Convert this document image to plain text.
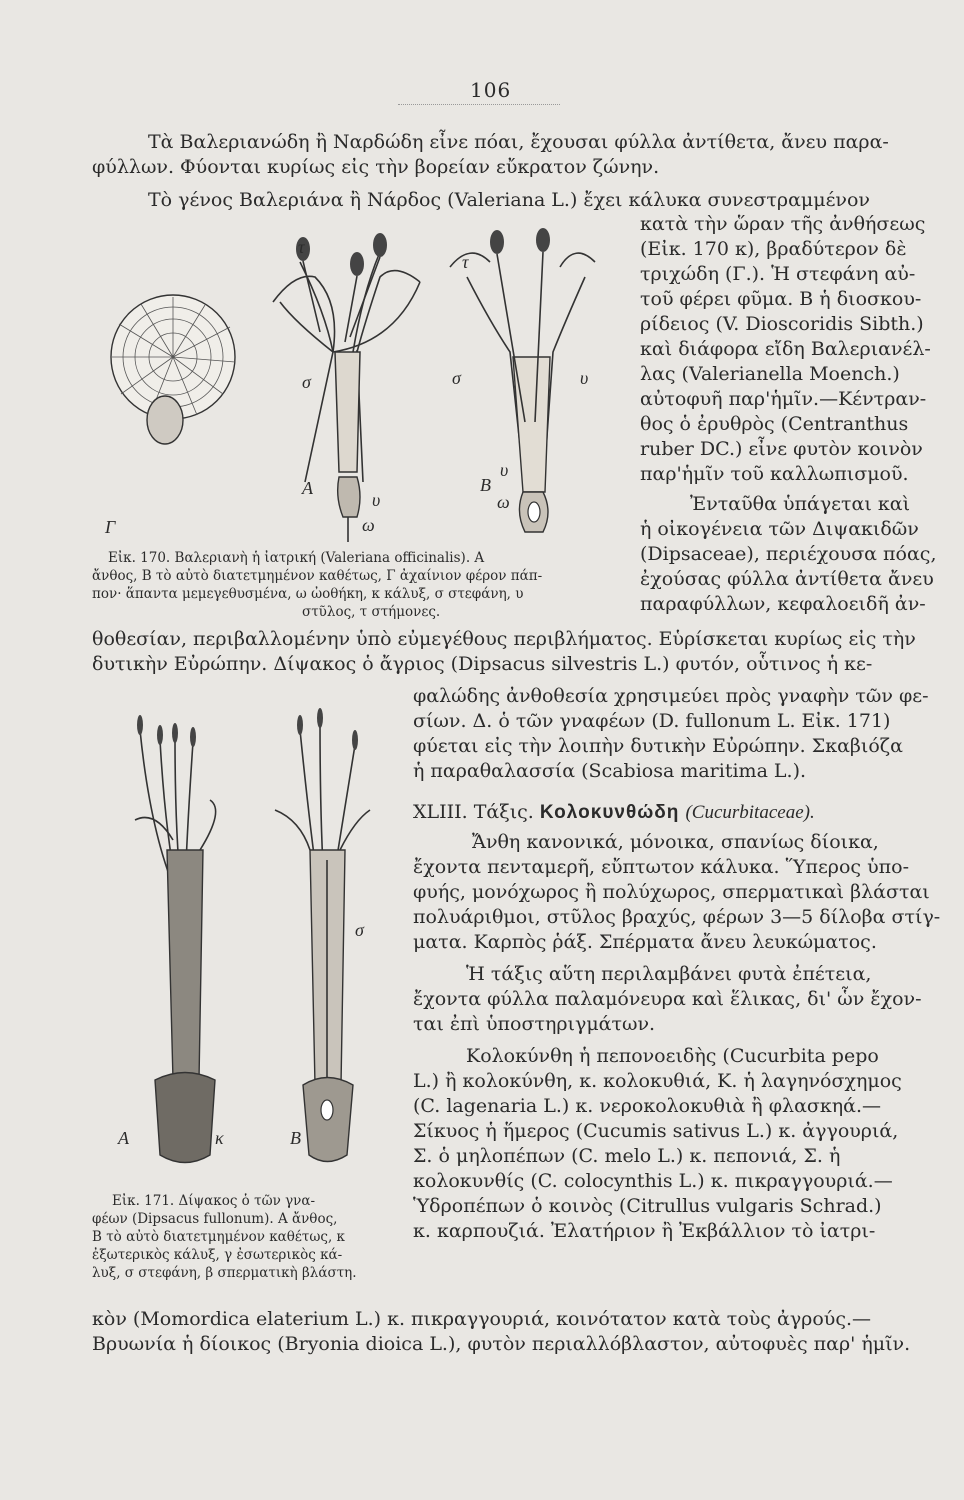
106
Τὰ Βαλεριανώδη ἢ Ναρδώδη εἶνε πόαι, ἔχουσαι φύλλα ἀντίθετα, ἄνευ παρα-
φύλλων. Φύονται κυρίως εἰς τὴν βορείαν εὔκρατον ζώνην.
Τὸ γένος Βαλεριάνα ἢ Νάρδος (Valeriana L.) ἔχει κάλυκα συνεστραμμένον
Γ
σ
Α
υ
ω
τ
σ	υ
Β
υ
ω
τ
κατὰ τὴν ὥραν τῆς ἀνθήσεως
(Εἰκ. 170 κ), βραδύτερον δὲ
τριχώδη (Γ.). Ἡ στεφάνη αὐ-
τοῦ φέρει φῦμα. Β ἡ διοσκου-
ρίδειος (V. Dioscoridis Sibth.)
καὶ διάφορα εἴδη Βαλεριανέλ-
λας (Valerianella Moench.)
αὐτοφυῆ παρ'ἡμῖν.—Κέντραν-
θος ὁ ἐρυθρὸς (Centranthus
ruber DC.) εἶνε φυτὸν κοινὸν
παρ'ἡμῖν τοῦ καλλωπισμοῦ.
Ἐνταῦθα ὑπάγεται καὶ
ἡ οἰκογένεια τῶν Διψακιδῶν
(Dipsaceae), περιέχουσα πόας,
ἐχούσας φύλλα ἀντίθετα ἄνευ
παραφύλλων, κεφαλοειδῆ ἀν-
Εἰκ. 170. Βαλεριανὴ ἡ ἰατρική (Valeriana officinalis). Α
ἄνθος, Β τὸ αὐτὸ διατετμημένον καθέτως, Γ ἀχαίνιον φέρον πάπ-
πον· ἅπαντα μεμεγεθυσμένα, ω ὠοθήκη, κ κάλυξ, σ στεφάνη, υ
στῦλος, τ στήμονες.
θοθεσίαν, περιβαλλομένην ὑπὸ εὐμεγέθους περιβλήματος. Εὑρίσκεται κυρίως εἰς τὴν
δυτικὴν Εὐρώπην. Δίψακος ὁ ἄγριος (Dipsacus silvestris L.) φυτόν, οὗτινος ἡ κε-
Α	κ	Β
σ
φαλώδης ἀνθοθεσία χρησιμεύει πρὸς γναφὴν τῶν φε-
σίων. Δ. ὁ τῶν γναφέων (D. fullonum L. Εἰκ. 171)
φύεται εἰς τὴν λοιπὴν δυτικὴν Εὐρώπην. Σκαβιόζα
ἡ παραθαλασσία (Scabiosa maritima L.).
XLIII. Τάξις. Κολοκυνθώδη (Cucurbitaceae).
Ἄνθη κανονικά, μόνοικα, σπανίως δίοικα,
ἔχοντα πενταμερῆ, εὔπτωτον κάλυκα. Ὕπερος ὑπο-
φυής, μονόχωρος ἢ πολύχωρος, σπερματικαὶ βλάσται
πολυάριθμοι, στῦλος βραχύς, φέρων 3—5 δίλοβα στίγ-
ματα. Καρπὸς ῥάξ. Σπέρματα ἄνευ λευκώματος.
Ἡ τάξις αὕτη περιλαμβάνει φυτὰ ἐπέτεια,
ἔχοντα φύλλα παλαμόνευρα καὶ ἕλικας, δι' ὧν ἔχον-
ται ἐπὶ ὑποστηριγμάτων.
Κολοκύνθη ἡ πεπονοειδὴς (Cucurbita pepo
L.) ἢ κολοκύνθη, κ. κολοκυθιά, Κ. ἡ λαγηνόσχημος
(C. lagenaria L.) κ. νεροκολοκυθιὰ ἢ φλασκηά.—
Σίκυος ἡ ἥμερος (Cucumis sativus L.) κ. ἀγγουριά,
Σ. ὁ μηλοπέπων (C. melo L.) κ. πεπονιά, Σ. ἡ
κολοκυνθίς (C. colocynthis L.) κ. πικραγγουριά.—
Ὑδροπέπων ὁ κοινὸς (Citrullus vulgaris Schrad.)
κ. καρπουζιά. Ἐλατήριον ἢ Ἐκβάλλιον τὸ ἰατρι-
Εἰκ. 171. Δίψακος ὁ τῶν γνα-
φέων (Dipsacus fullonum). Α ἄνθος,
Β τὸ αὐτὸ διατετμημένον καθέτως, κ
ἐξωτερικὸς κάλυξ, γ ἐσωτερικὸς κά-
λυξ, σ στεφάνη, β σπερματικὴ βλάστη.
κὸν (Momordica elaterium L.) κ. πικραγγουριά, κοινότατον κατὰ τοὺς ἀγρούς.—
Βρυωνία ἡ δίοικος (Bryonia dioica L.), φυτὸν περιαλλόβλαστον, αὐτοφυὲς παρ' ἡμῖν.
